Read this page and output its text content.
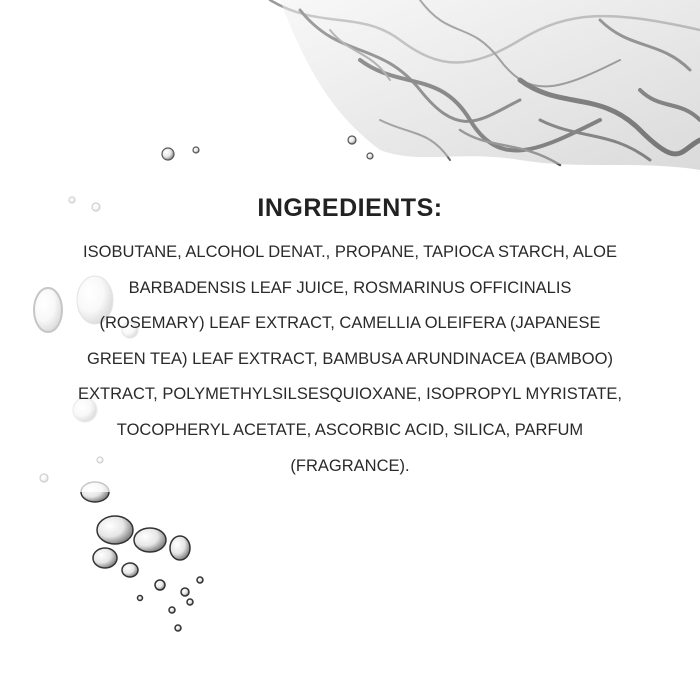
INGREDIENTS:
ISOBUTANE, ALCOHOL DENAT., PROPANE, TAPIOCA STARCH, ALOE
BARBADENSIS LEAF JUICE, ROSMARINUS OFFICINALIS
(ROSEMARY) LEAF EXTRACT, CAMELLIA OLEIFERA (JAPANESE
GREEN TEA) LEAF EXTRACT, BAMBUSA ARUNDINACEA (BAMBOO)
EXTRACT, POLYMETHYLSILSESQUIOXANE, ISOPROPYL MYRISTATE,
TOCOPHERYL ACETATE, ASCORBIC ACID, SILICA, PARFUM
(FRAGRANCE).
